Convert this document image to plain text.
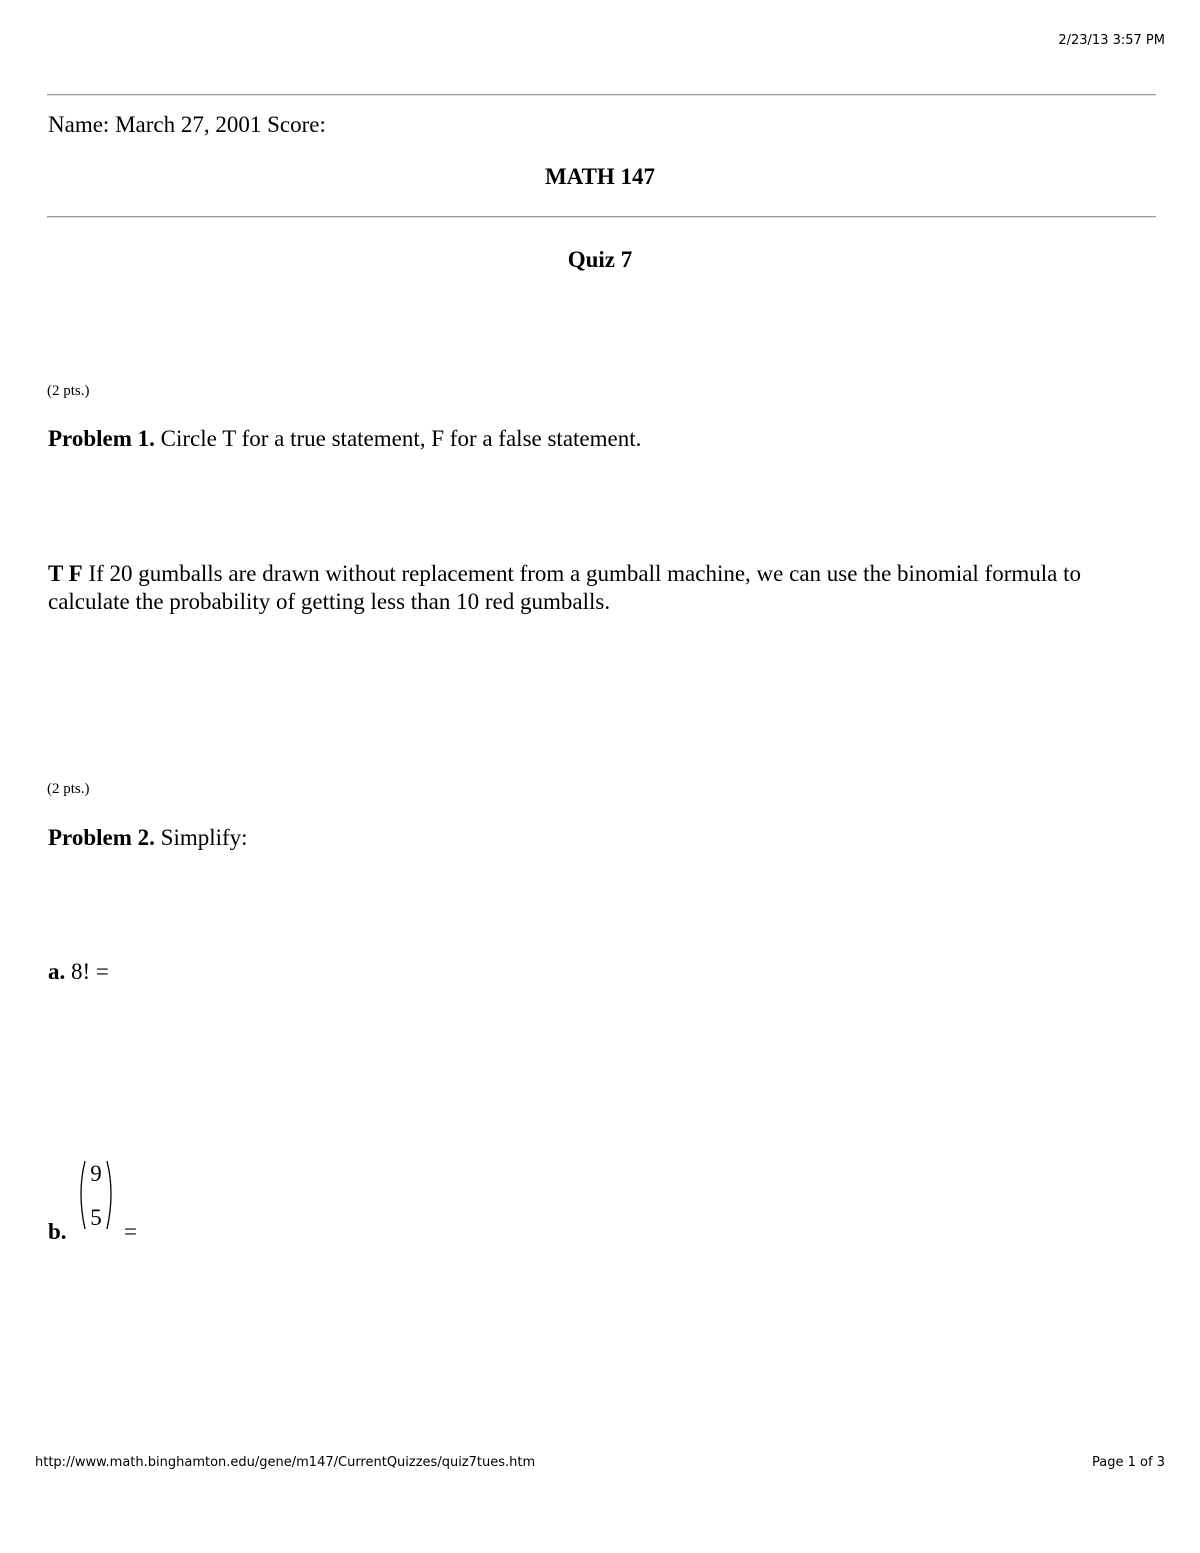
2/23/13 3:57 PM
Name: March 27, 2001 Score:
MATH 147
Quiz 7
(2 pts.)
Problem 1. Circle T for a true statement, F for a false statement.
T F If 20 gumballs are drawn without replacement from a gumball machine, we can use the binomial formula to calculate the probability of getting less than 10 red gumballs.
(2 pts.)
Problem 2. Simplify:
a. 8! =
b.
9
5
=
http://www.math.binghamton.edu/gene/m147/CurrentQuizzes/quiz7tues.htm	Page 1 of 3
